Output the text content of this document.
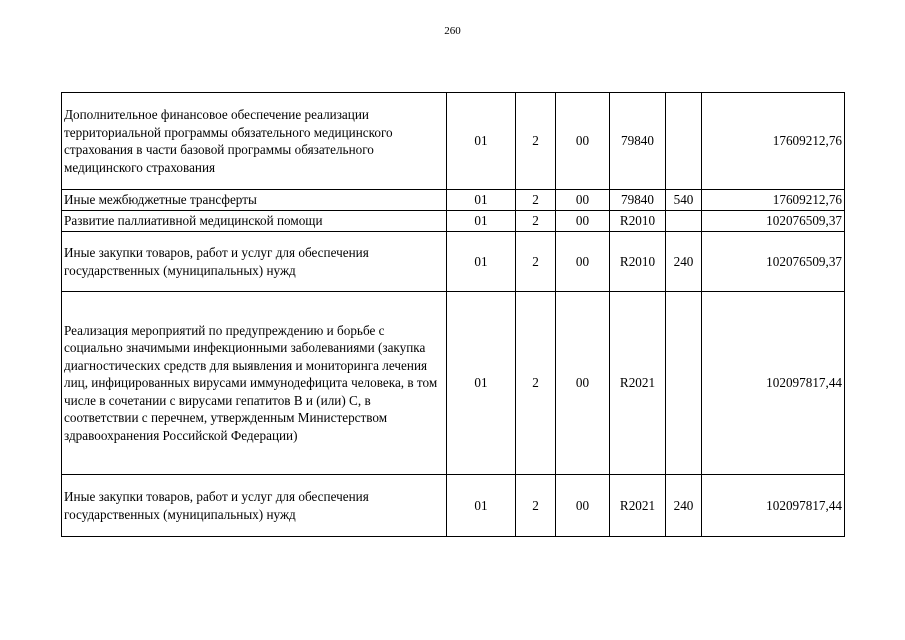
260
Дополнительное финансовое обеспечение реализации территориальной программы обязательного медицинского страхования в части базовой программы обязательного медицинского страхования	01	2	00	79840		17609212,76
Иные межбюджетные трансферты	01	2	00	79840	540	17609212,76
Развитие паллиативной медицинской помощи	01	2	00	R2010		102076509,37
Иные закупки товаров, работ и услуг для обеспечения государственных (муниципальных) нужд	01	2	00	R2010	240	102076509,37
Реализация мероприятий по предупреждению и борьбе с социально значимыми инфекционными заболеваниями (закупка диагностических средств для выявления и мониторинга лечения лиц, инфицированных вирусами иммунодефицита человека, в том числе в сочетании с вирусами гепатитов В и (или) С, в соответствии с перечнем, утвержденным Министерством здравоохранения Российской Федерации)	01	2	00	R2021		102097817,44
Иные закупки товаров, работ и услуг для обеспечения государственных (муниципальных) нужд	01	2	00	R2021	240	102097817,44
